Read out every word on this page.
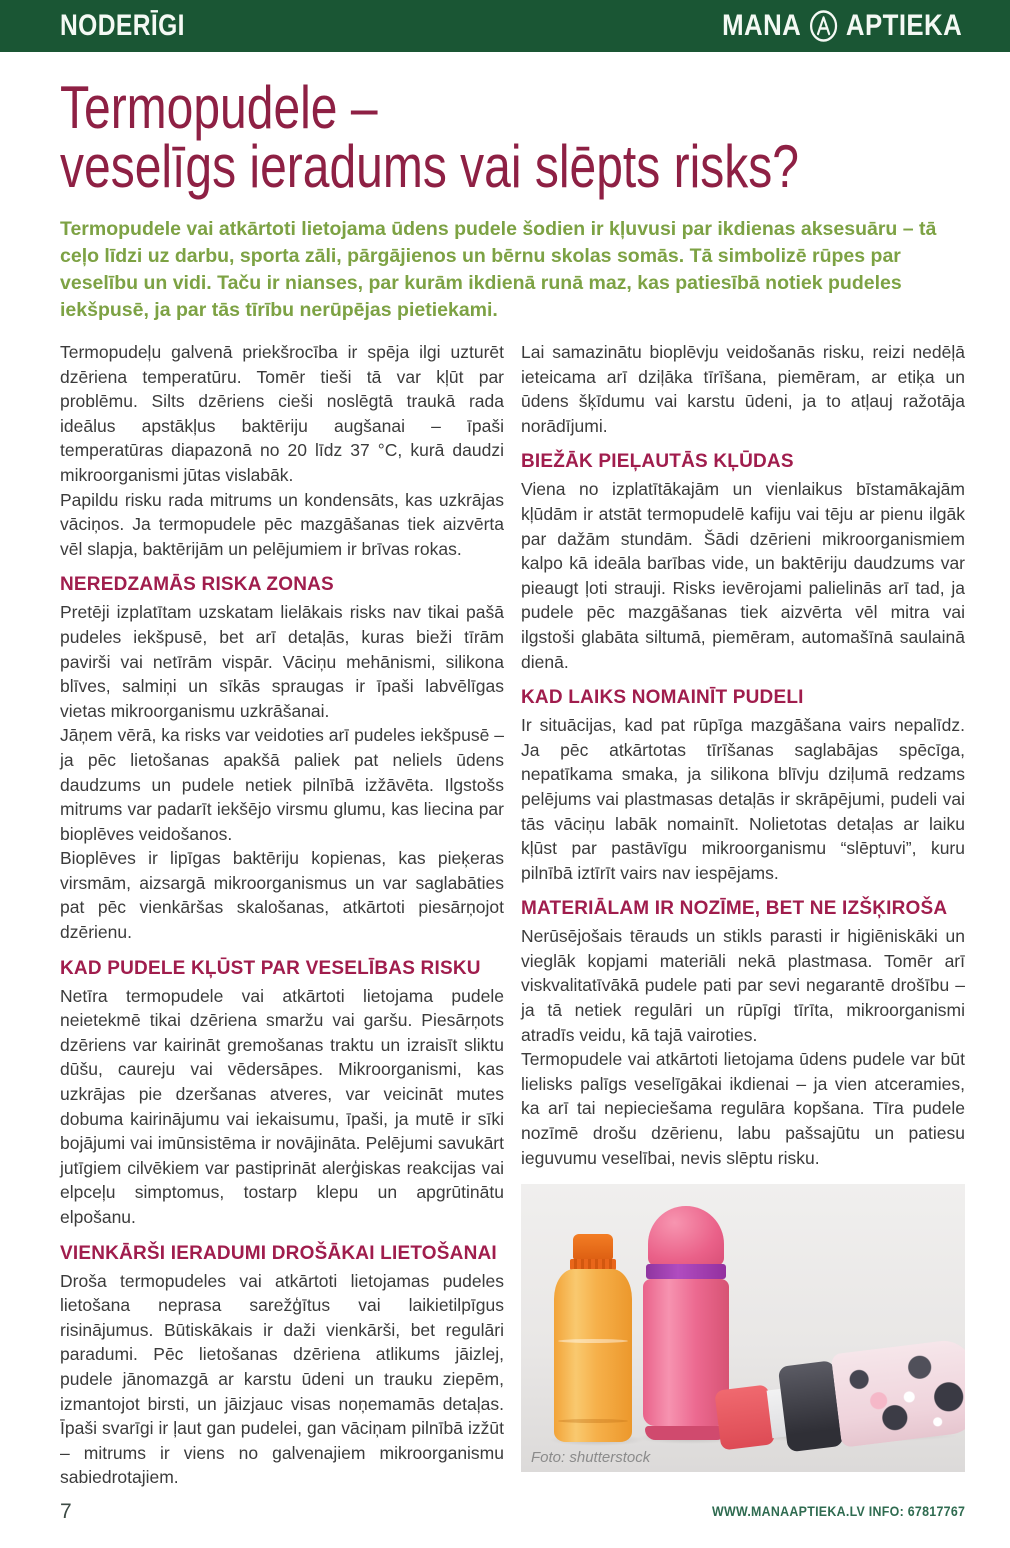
NODERĪGI	MANA APTIEKA
Termopudele –
veselīgs ieradums vai slēpts risks?

Termopudele vai atkārtoti lietojama ūdens pudele šodien ir kļuvusi par ikdienas aksesuāru – tā ceļo līdzi uz darbu, sporta zāli, pārgājienos un bērnu skolas somās. Tā simbolizē rūpes par veselību un vidi. Taču ir nianses, par kurām ikdienā runā maz, kas patiesībā notiek pudeles iekšpusē, ja par tās tīrību nerūpējas pietiekami.

Termopudeļu galvenā priekšrocība ir spēja ilgi uzturēt dzēriena temperatūru. Tomēr tieši tā var kļūt par problēmu. Silts dzēriens cieši noslēgtā traukā rada ideālus apstākļus baktēriju augšanai – īpaši temperatūras diapazonā no 20 līdz 37 °C, kurā daudzi mikroorganismi jūtas vislabāk.

Papildu risku rada mitrums un kondensāts, kas uzkrājas vāciņos. Ja termopudele pēc mazgāšanas tiek aizvērta vēl slapja, baktērijām un pelējumiem ir brīvas rokas.

NEREDZAMĀS RISKA ZONAS

Pretēji izplatītam uzskatam lielākais risks nav tikai pašā pudeles iekšpusē, bet arī detaļās, kuras bieži tīrām pavirši vai netīrām vispār. Vāciņu mehānismi, silikona blīves, salmiņi un sīkās spraugas ir īpaši labvēlīgas vietas mikroorganismu uzkrāšanai.

Jāņem vērā, ka risks var veidoties arī pudeles iekšpusē – ja pēc lietošanas apakšā paliek pat neliels ūdens daudzums un pudele netiek pilnībā izžāvēta. Ilgstošs mitrums var padarīt iekšējo virsmu glumu, kas liecina par bioplēves veidošanos.

Bioplēves ir lipīgas baktēriju kopienas, kas pieķeras virsmām, aizsargā mikroorganismus un var saglabāties pat pēc vienkāršas skalošanas, atkārtoti piesārņojot dzērienu.

KAD PUDELE KĻŪST PAR VESELĪBAS RISKU

Netīra termopudele vai atkārtoti lietojama pudele neietekmē tikai dzēriena smaržu vai garšu. Piesārņots dzēriens var kairināt gremošanas traktu un izraisīt sliktu dūšu, caureju vai vēdersāpes. Mikroorganismi, kas uzkrājas pie dzeršanas atveres, var veicināt mutes dobuma kairinājumu vai iekaisumu, īpaši, ja mutē ir sīki bojājumi vai imūnsistēma ir novājināta. Pelējumi savukārt jutīgiem cilvēkiem var pastiprināt alerģiskas reakcijas vai elpceļu simptomus, tostarp klepu un apgrūtinātu elpošanu.

VIENKĀRŠI IERADUMI DROŠĀKAI LIETOŠANAI

Droša termopudeles vai atkārtoti lietojamas pudeles lietošana neprasa sarežģītus vai laikietilpīgus risinājumus. Būtiskākais ir daži vienkārši, bet regulāri paradumi. Pēc lietošanas dzēriena atlikums jāizlej, pudele jānomazgā ar karstu ūdeni un trauku ziepēm, izmantojot birsti, un jāizjauc visas noņemamās detaļas. Īpaši svarīgi ir ļaut gan pudelei, gan vāciņam pilnībā izžūt – mitrums ir viens no galvenajiem mikroorganismu sabiedrotajiem.

Lai samazinātu bioplēvju veidošanās risku, reizi nedēļā ieteicama arī dziļāka tīrīšana, piemēram, ar etiķa un ūdens šķīdumu vai karstu ūdeni, ja to atļauj ražotāja norādījumi.

BIEŽĀK PIEĻAUTĀS KĻŪDAS

Viena no izplatītākajām un vienlaikus bīstamākajām kļūdām ir atstāt termopudelē kafiju vai tēju ar pienu ilgāk par dažām stundām. Šādi dzērieni mikroorganismiem kalpo kā ideāla barības vide, un baktēriju daudzums var pieaugt ļoti strauji. Risks ievērojami palielinās arī tad, ja pudele pēc mazgāšanas tiek aizvērta vēl mitra vai ilgstoši glabāta siltumā, piemēram, automašīnā saulainā dienā.

KAD LAIKS NOMAINĪT PUDELI

Ir situācijas, kad pat rūpīga mazgāšana vairs nepalīdz. Ja pēc atkārtotas tīrīšanas saglabājas spēcīga, nepatīkama smaka, ja silikona blīvju dziļumā redzams pelējums vai plastmasas detaļās ir skrāpējumi, pudeli vai tās vāciņu labāk nomainīt. Nolietotas detaļas ar laiku kļūst par pastāvīgu mikroorganismu “slēptuvi”, kuru pilnībā iztīrīt vairs nav iespējams.

MATERIĀLAM IR NOZĪME, BET NE IZŠĶIROŠA

Nerūsējošais tērauds un stikls parasti ir higiēniskāki un vieglāk kopjami materiāli nekā plastmasa. Tomēr arī viskvalitatīvākā pudele pati par sevi negarantē drošību – ja tā netiek regulāri un rūpīgi tīrīta, mikroorganismi atradīs veidu, kā tajā vairoties.

Termopudele vai atkārtoti lietojama ūdens pudele var būt lielisks palīgs veselīgākai ikdienai – ja vien atceramies, ka arī tai nepieciešama regulāra kopšana. Tīra pudele nozīmē drošu dzērienu, labu pašsajūtu un patiesu ieguvumu veselībai, nevis slēptu risku.

Foto: shutterstock
7	WWW.MANAAPTIEKA.LV INFO: 67817767
